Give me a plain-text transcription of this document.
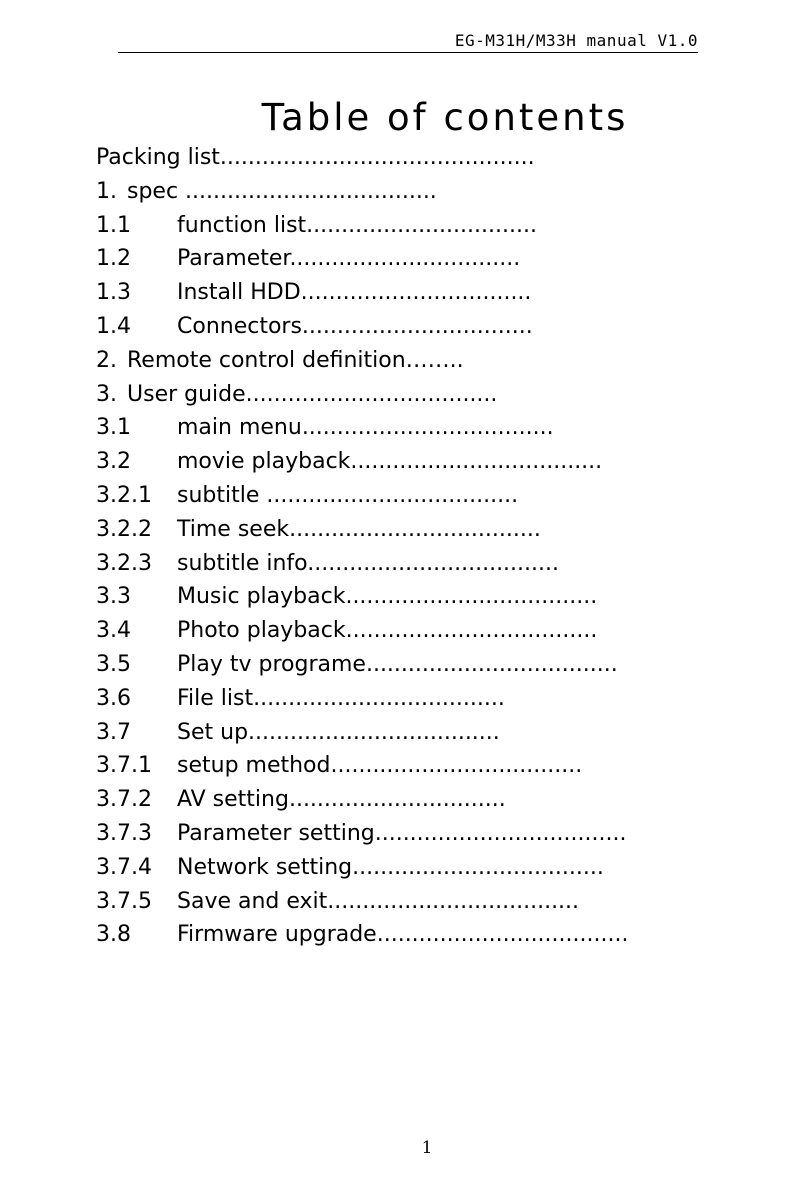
EG-M31H/M33H manual V1.0
Table of contents
Packing list.............................................
1. spec ....................................
1.1	function list.................................
1.2	Parameter.................................
1.3	Install HDD.................................
1.4	Connectors.................................
2. Remote control definition……..
3. User guide....................................
3.1	main menu....................................
3.2	movie playback....................................
3.2.1	subtitle ....................................
3.2.2	Time seek....................................
3.2.3	subtitle info....................................
3.3	Music playback....................................
3.4	Photo playback....................................
3.5	Play tv programe....................................
3.6	File list....................................
3.7	Set up....................................
3.7.1	setup method....................................
3.7.2	AV setting...............................
3.7.3	Parameter setting....................................
3.7.4	Network setting....................................
3.7.5	Save and exit....................................
3.8	Firmware upgrade....................................
1
